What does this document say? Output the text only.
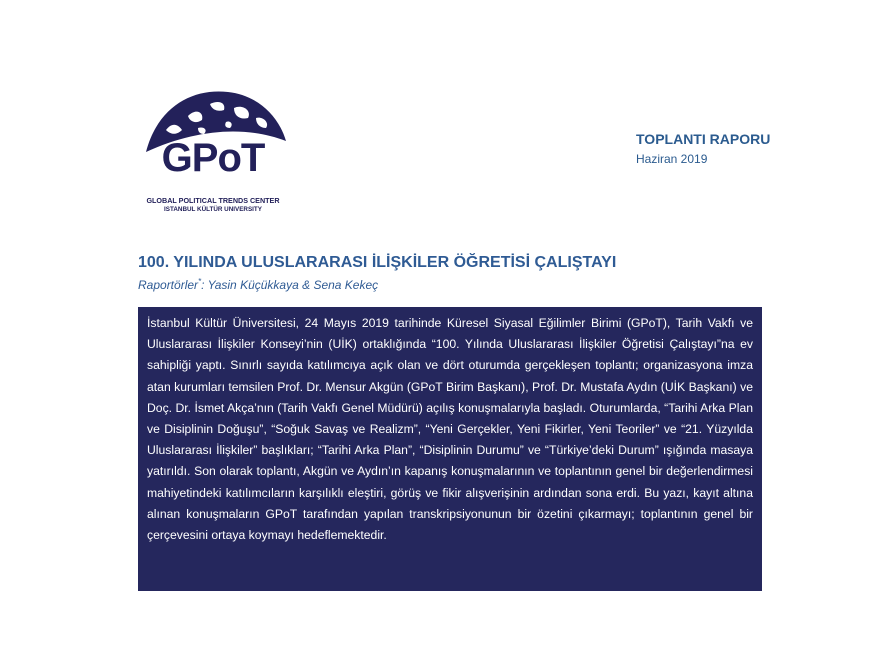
GPoT
GLOBAL POLITICAL TRENDS CENTER
ISTANBUL KÜLTÜR UNIVERSITY
TOPLANTI RAPORU
Haziran 2019
100. YILINDA ULUSLARARASI İLİŞKİLER ÖĞRETİSİ ÇALIŞTAYI
Raportörler*: Yasin Küçükkaya & Sena Kekeç

İstanbul Kültür Üniversitesi, 24 Mayıs 2019 tarihinde Küresel Siyasal Eğilimler Birimi (GPoT), Tarih Vakfı ve Uluslararası İlişkiler Konseyi’nin (UİK) ortaklığında “100. Yılında Uluslararası İlişkiler Öğretisi Çalıştayı”na ev sahipliği yaptı. Sınırlı sayıda katılımcıya açık olan ve dört oturumda gerçekleşen toplantı; organizasyona imza atan kurumları temsilen Prof. Dr. Mensur Akgün (GPoT Birim Başkanı), Prof. Dr. Mustafa Aydın (UİK Başkanı) ve Doç. Dr. İsmet Akça’nın (Tarih Vakfı Genel Müdürü) açılış konuşmalarıyla başladı. Oturumlarda, “Tarihi Arka Plan ve Disiplinin Doğuşu”, “Soğuk Savaş ve Realizm”, “Yeni Gerçekler, Yeni Fikirler, Yeni Teoriler” ve “21. Yüzyılda Uluslararası İlişkiler” başlıkları; “Tarihi Arka Plan”, “Disiplinin Durumu” ve “Türkiye’deki Durum” ışığında masaya yatırıldı. Son olarak toplantı, Akgün ve Aydın’ın kapanış konuşmalarının ve toplantının genel bir değerlendirmesi mahiyetindeki katılımcıların karşılıklı eleştiri, görüş ve fikir alışverişinin ardından sona erdi. Bu yazı, kayıt altına alınan konuşmaların GPoT tarafından yapılan transkripsiyonunun bir özetini çıkarmayı; toplantının genel bir çerçevesini ortaya koymayı hedeflemektedir.
